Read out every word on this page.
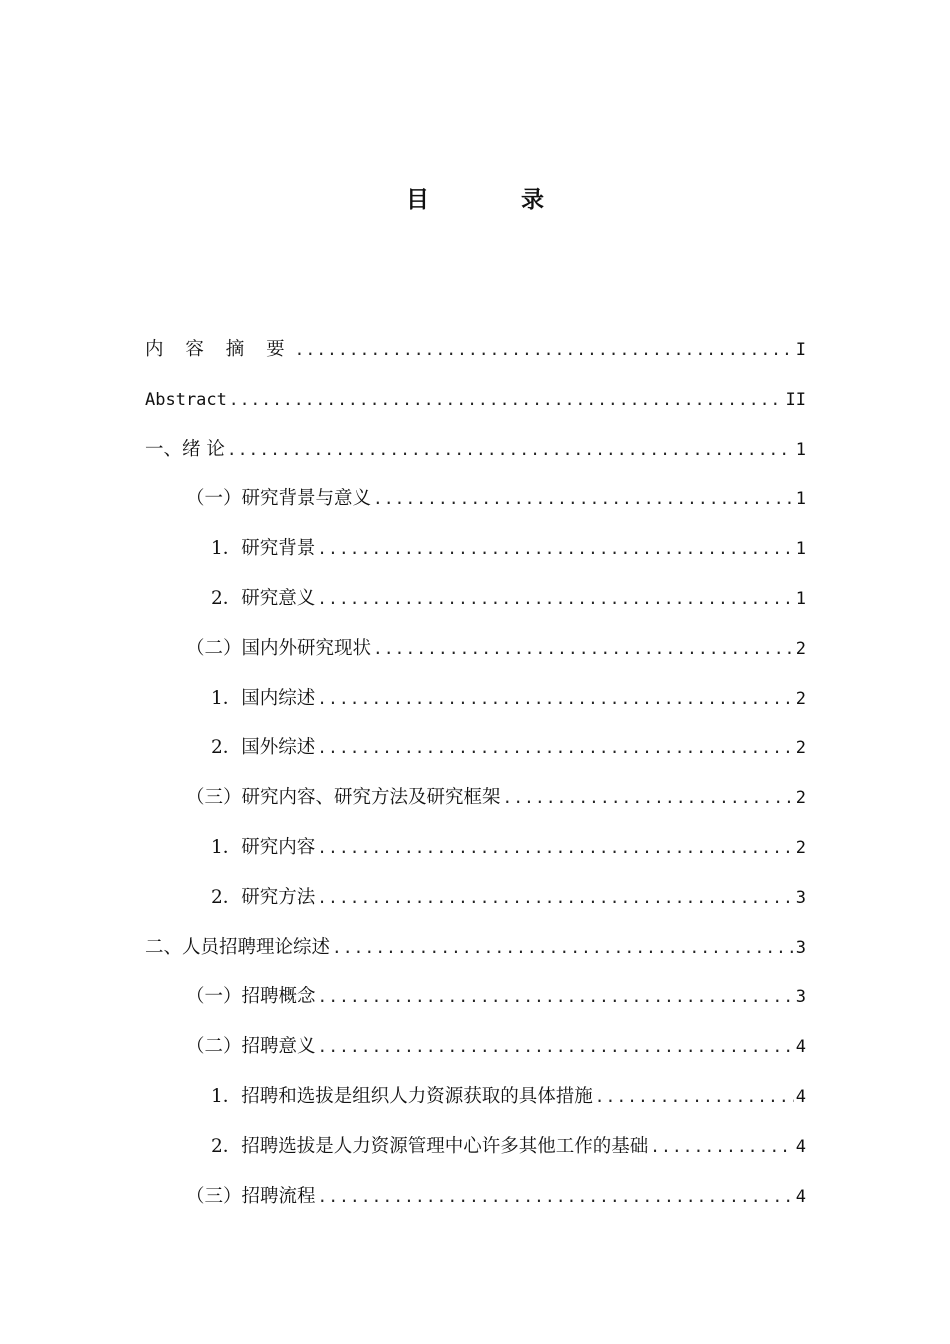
目 录
内 容 摘 要 .....	I
Abstract .....	II
一、绪 论 .....	1
（一）研究背景与意义 .....	1
1．研究背景 .....	1
2．研究意义 .....	1
（二）国内外研究现状 .....	2
1．国内综述 .....	2
2．国外综述 .....	2
（三）研究内容、研究方法及研究框架 .....	2
1．研究内容 .....	2
2．研究方法 .....	3
二、人员招聘理论综述 .....	3
（一）招聘概念 .....	3
（二）招聘意义 .....	4
1．招聘和选拔是组织人力资源获取的具体措施 .....	4
2．招聘选拔是人力资源管理中心许多其他工作的基础 .....	4
（三）招聘流程 .....	4
